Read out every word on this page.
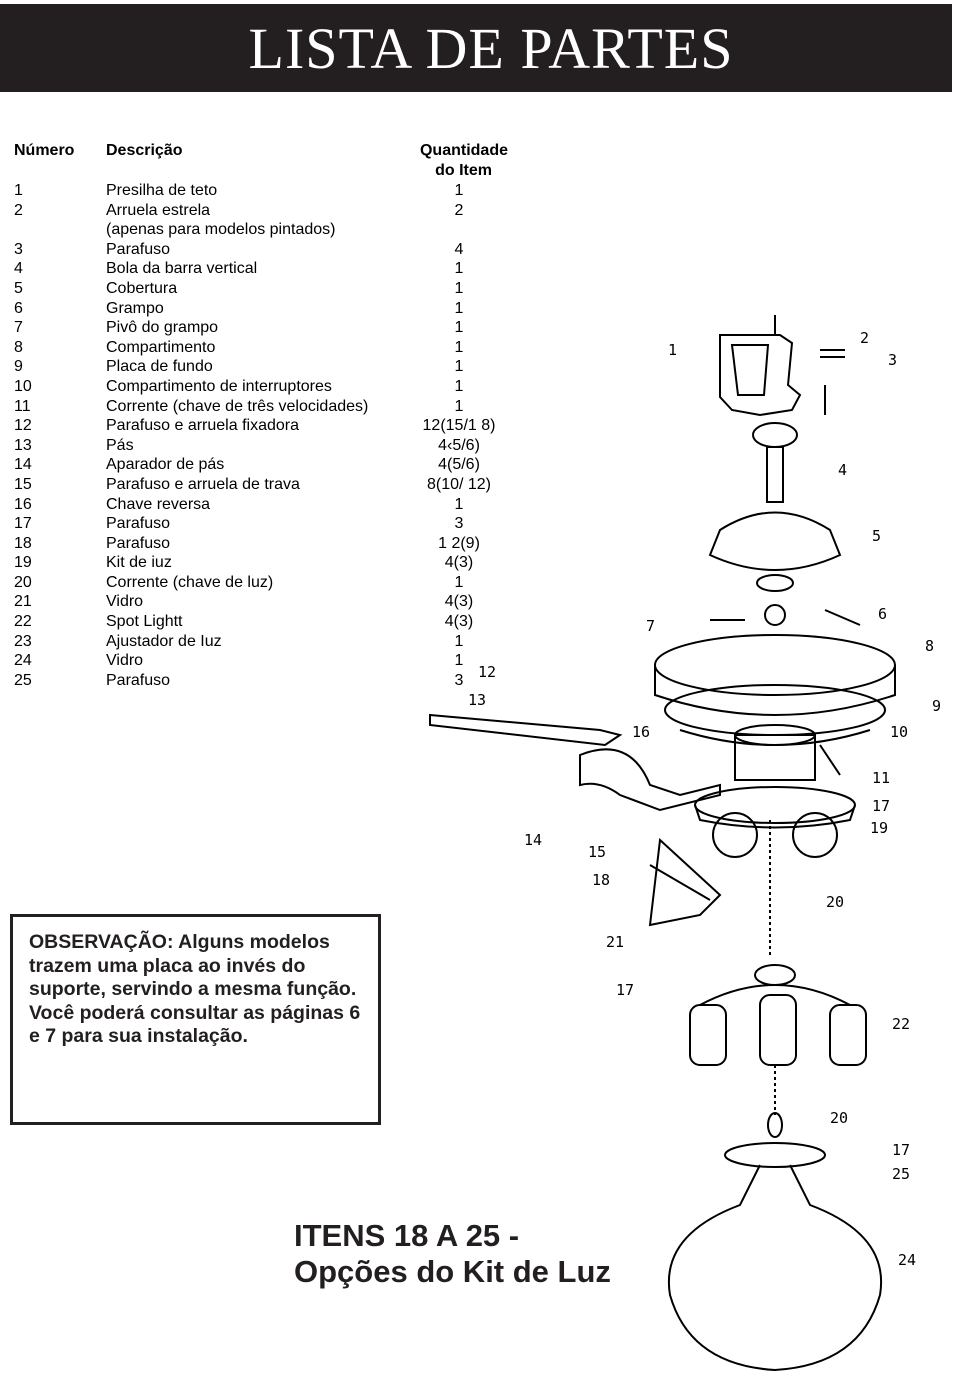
LISTA DE PARTES
Número Descrição	Quantidade
do Item
1	Presilha de teto	1
2	Arruela estrela	2
(apenas para modelos pintados)
3	Parafuso	4
4	Bola da barra vertical	1
5	Cobertura	1
6	Grampo	1
7	Pivô do grampo	1
8	Compartimento	1
9	Placa de fundo	1
10	Compartimento de interruptores	1
11	Corrente (chave de três velocidades)	1
12	Parafuso e arruela fixadora	12(15/1 8)
13	Pás	4‹5/6)
14	Aparador de pás	4(5/6)
15	Parafuso e arruela de trava	8(10/ 12)
16	Chave reversa	1
17	Parafuso	3
18	Parafuso	1 2(9)
19	Kit de iuz	4(3)
20	Corrente (chave de luz)	1
21	Vidro	4(3)
22	Spot Lightt	4(3)
23	Ajustador de Iuz	1
24	Vidro	1
25	Parafuso	3

OBSERVAÇÃO: Alguns modelos trazem uma placa ao invés do suporte, servindo a mesma função.

Você poderá consultar as páginas 6 e 7 para sua instalação.

ITENS 18 A 25 -
Opções do Kit de Luz
1
2
3
4
5
6
7
8
9
10
11
12
13
14
15
16
17
18
19
20
21
17
22
20
17
25
24
